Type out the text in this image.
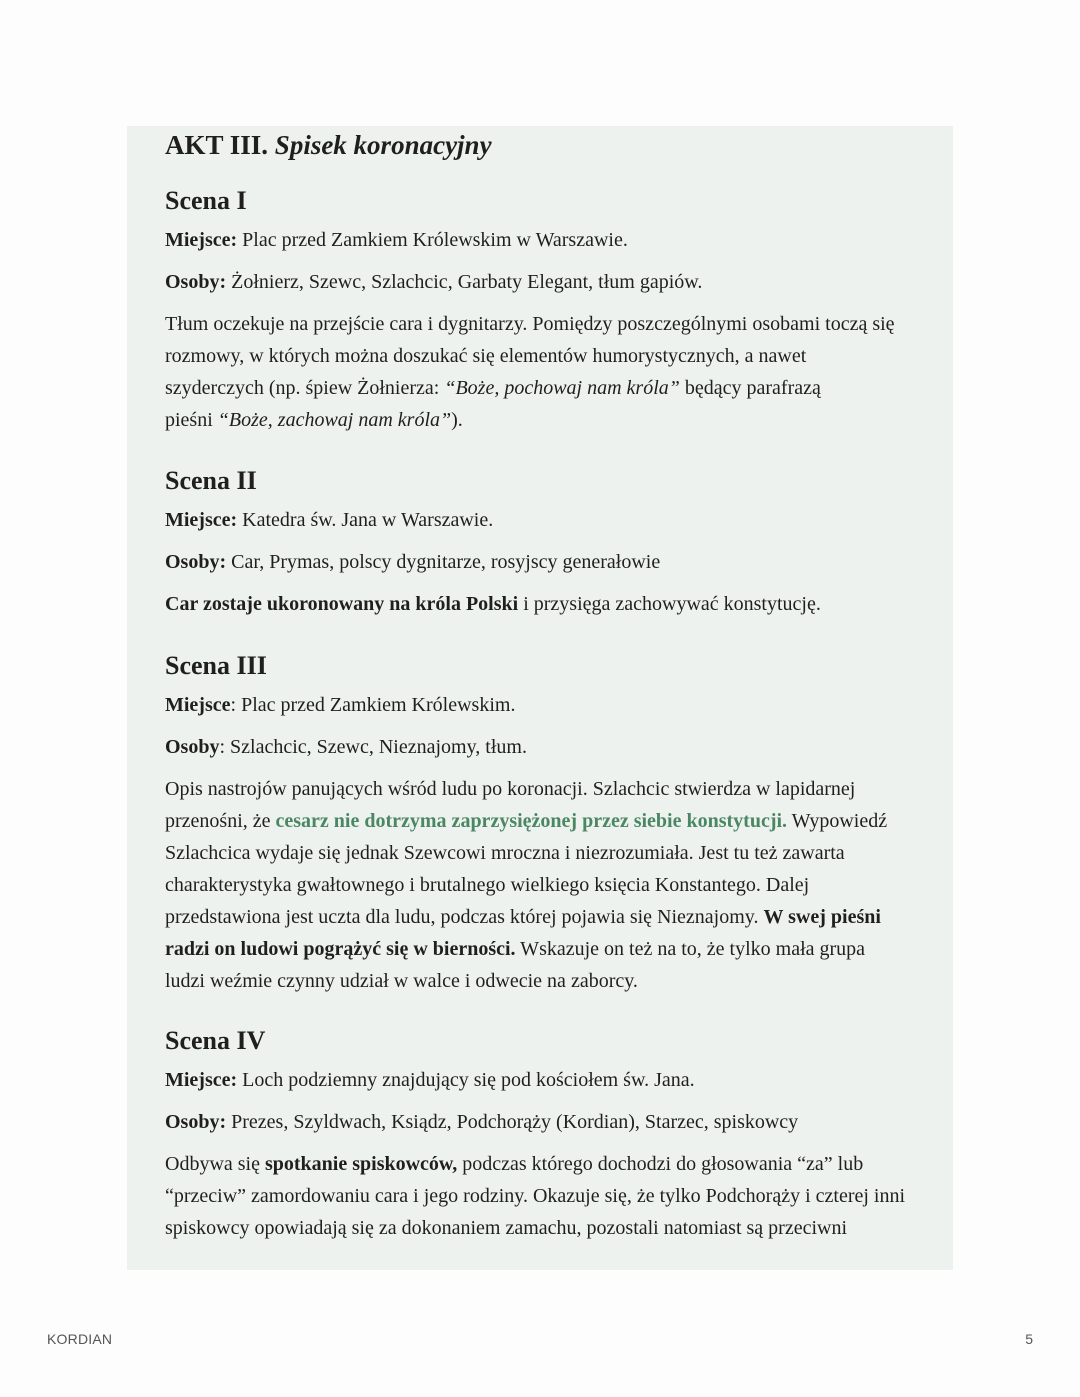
AKT III. Spisek koronacyjny
Scena I
Miejsce: Plac przed Zamkiem Królewskim w Warszawie.
Osoby: Żołnierz, Szewc, Szlachcic, Garbaty Elegant, tłum gapiów.
Tłum oczekuje na przejście cara i dygnitarzy. Pomiędzy poszczególnymi osobami toczą się
rozmowy, w których można doszukać się elementów humorystycznych, a nawet
szyderczych (np. śpiew Żołnierza: “Boże, pochowaj nam króla” będący parafrazą
pieśni “Boże, zachowaj nam króla”).
Scena II
Miejsce: Katedra św. Jana w Warszawie.
Osoby: Car, Prymas, polscy dygnitarze, rosyjscy generałowie
Car zostaje ukoronowany na króla Polski i przysięga zachowywać konstytucję.
Scena III
Miejsce: Plac przed Zamkiem Królewskim.
Osoby: Szlachcic, Szewc, Nieznajomy, tłum.
Opis nastrojów panujących wśród ludu po koronacji. Szlachcic stwierdza w lapidarnej
przenośni, że cesarz nie dotrzyma zaprzysiężonej przez siebie konstytucji. Wypowiedź
Szlachcica wydaje się jednak Szewcowi mroczna i niezrozumiała. Jest tu też zawarta
charakterystyka gwałtownego i brutalnego wielkiego księcia Konstantego. Dalej
przedstawiona jest uczta dla ludu, podczas której pojawia się Nieznajomy. W swej pieśni
radzi on ludowi pogrążyć się w bierności. Wskazuje on też na to, że tylko mała grupa
ludzi weźmie czynny udział w walce i odwecie na zaborcy.
Scena IV
Miejsce: Loch podziemny znajdujący się pod kościołem św. Jana.
Osoby: Prezes, Szyldwach, Ksiądz, Podchorąży (Kordian), Starzec, spiskowcy
Odbywa się spotkanie spiskowców, podczas którego dochodzi do głosowania “za” lub
“przeciw” zamordowaniu cara i jego rodziny. Okazuje się, że tylko Podchorąży i czterej inni
spiskowcy opowiadają się za dokonaniem zamachu, pozostali natomiast są przeciwni
KORDIAN	5
